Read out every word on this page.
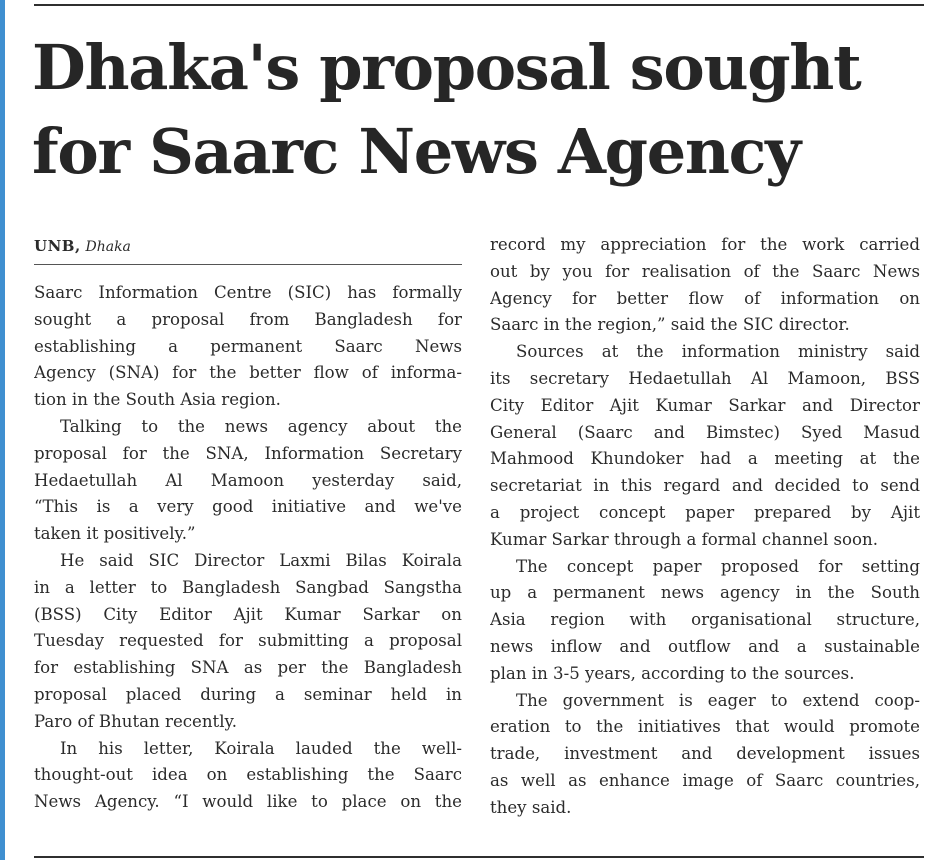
Dhaka's proposal sought
for Saarc News Agency
UNB, Dhaka
Saarc Information Centre (SIC) has formally
sought a proposal from Bangladesh for
establishing a permanent Saarc News
Agency (SNA) for the better flow of informa-
tion in the South Asia region.
Talking to the news agency about the
proposal for the SNA, Information Secretary
Hedaetullah Al Mamoon yesterday said,
“This is a very good initiative and we've
taken it positively.”
He said SIC Director Laxmi Bilas Koirala
in a letter to Bangladesh Sangbad Sangstha
(BSS) City Editor Ajit Kumar Sarkar on
Tuesday requested for submitting a proposal
for establishing SNA as per the Bangladesh
proposal placed during a seminar held in
Paro of Bhutan recently.
In his letter, Koirala lauded the well-
thought-out idea on establishing the Saarc
News Agency. “I would like to place on the
record my appreciation for the work carried
out by you for realisation of the Saarc News
Agency for better flow of information on
Saarc in the region,” said the SIC director.
Sources at the information ministry said
its secretary Hedaetullah Al Mamoon, BSS
City Editor Ajit Kumar Sarkar and Director
General (Saarc and Bimstec) Syed Masud
Mahmood Khundoker had a meeting at the
secretariat in this regard and decided to send
a project concept paper prepared by Ajit
Kumar Sarkar through a formal channel soon.
The concept paper proposed for setting
up a permanent news agency in the South
Asia region with organisational structure,
news inflow and outflow and a sustainable
plan in 3-5 years, according to the sources.
The government is eager to extend coop-
eration to the initiatives that would promote
trade, investment and development issues
as well as enhance image of Saarc countries,
they said.
